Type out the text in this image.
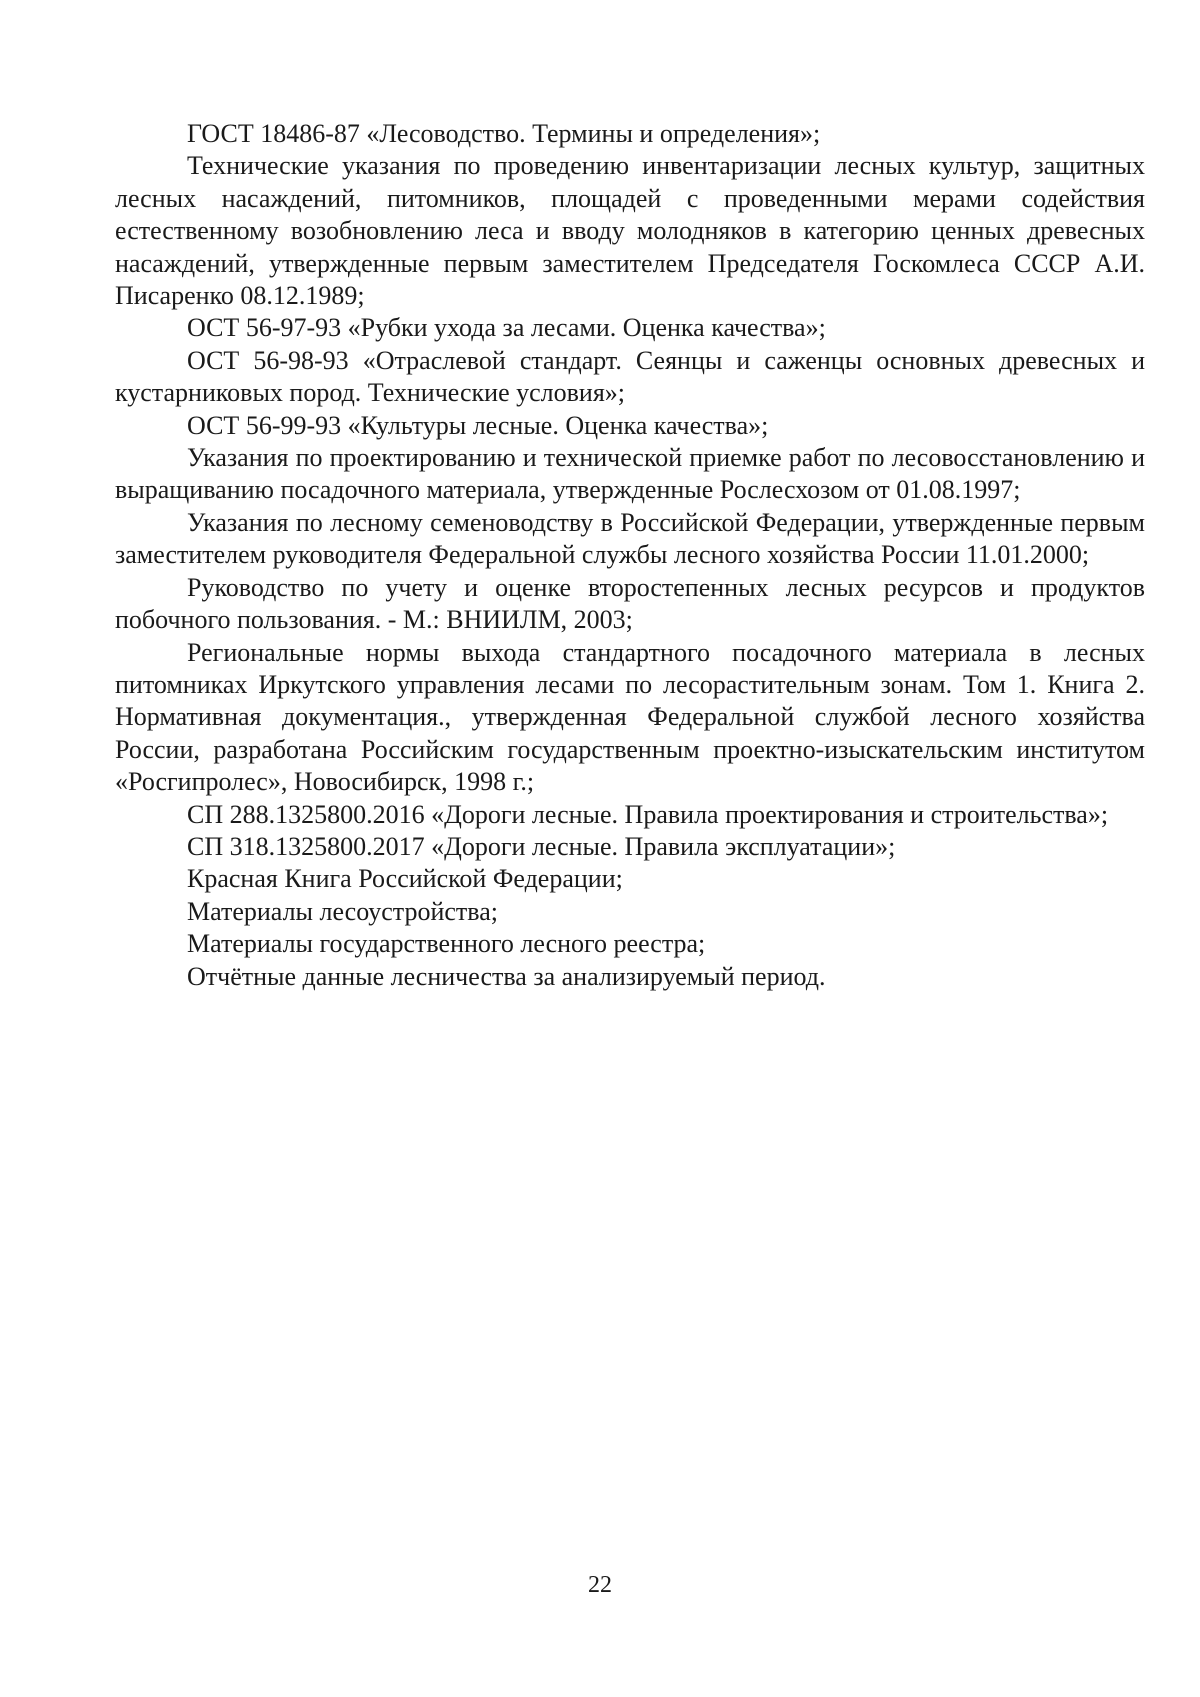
ГОСТ 18486-87 «Лесоводство. Термины и определения»;

Технические указания по проведению инвентаризации лесных культур, защитных лесных насаждений, питомников, площадей с проведенными мерами содействия естественному возобновлению леса и вводу молодняков в категорию ценных древесных насаждений, утвержденные первым заместителем Председателя Госкомлеса СССР А.И. Писаренко 08.12.1989;

ОСТ 56-97-93 «Рубки ухода за лесами. Оценка качества»;

ОСТ 56-98-93 «Отраслевой стандарт. Сеянцы и саженцы основных древесных и кустарниковых пород. Технические условия»;

ОСТ 56-99-93 «Культуры лесные. Оценка качества»;

Указания по проектированию и технической приемке работ по лесовосстановлению и выращиванию посадочного материала, утвержденные Рослесхозом от 01.08.1997;

Указания по лесному семеноводству в Российской Федерации, утвержденные первым заместителем руководителя Федеральной службы лесного хозяйства России 11.01.2000;

Руководство по учету и оценке второстепенных лесных ресурсов и продуктов побочного пользования. - М.: ВНИИЛМ, 2003;

Региональные нормы выхода стандартного посадочного материала в лесных питомниках Иркутского управления лесами по лесорастительным зонам. Том 1. Книга 2. Нормативная документация., утвержденная Федеральной службой лесного хозяйства России, разработана Российским государственным проектно-изыскательским институтом «Росгипролес», Новосибирск, 1998 г.;

СП 288.1325800.2016 «Дороги лесные. Правила проектирования и строительства»;

СП 318.1325800.2017 «Дороги лесные. Правила эксплуатации»;

Красная Книга Российской Федерации;

Материалы лесоустройства;

Материалы государственного лесного реестра;

Отчётные данные лесничества за анализируемый период.

22
